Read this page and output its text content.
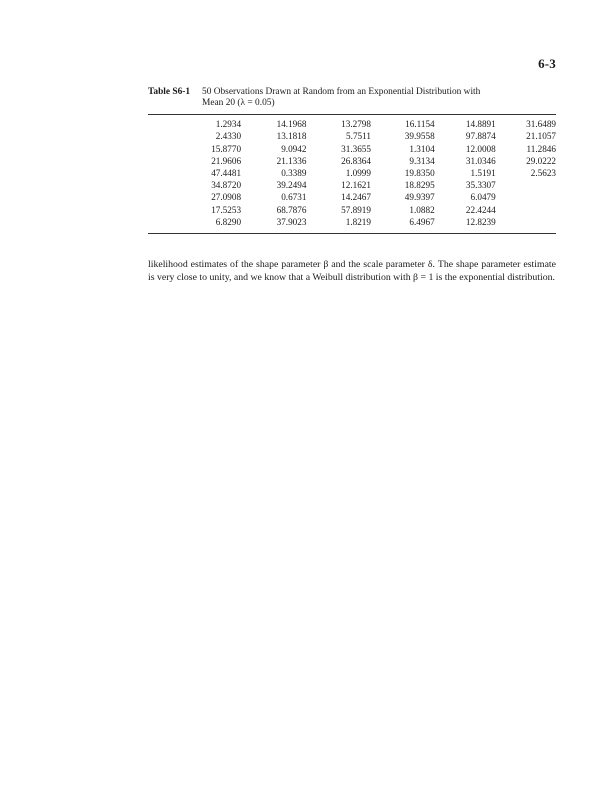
6-3
Table S6-1	50 Observations Drawn at Random from an Exponential Distribution with
Mean 20 (λ = 0.05)
	1.2934	14.1968	13.2798	16.1154	14.8891	31.6489
	2.4330	13.1818	5.7511	39.9558	97.8874	21.1057
	15.8770	9.0942	31.3655	1.3104	12.0008	11.2846
	21.9606	21.1336	26.8364	9.3134	31.0346	29.0222
	47.4481	0.3389	1.0999	19.8350	1.5191	2.5623
	34.8720	39.2494	12.1621	18.8295	35.3307	
	27.0908	0.6731	14.2467	49.9397	6.0479	
	17.5253	68.7876	57.8919	1.0882	22.4244	
	6.8290	37.9023	1.8219	6.4967	12.8239	
likelihood estimates of the shape parameter β and the scale parameter δ. The shape parameter estimate is very close to unity, and we know that a Weibull distribution with β = 1 is the exponential distribution.
